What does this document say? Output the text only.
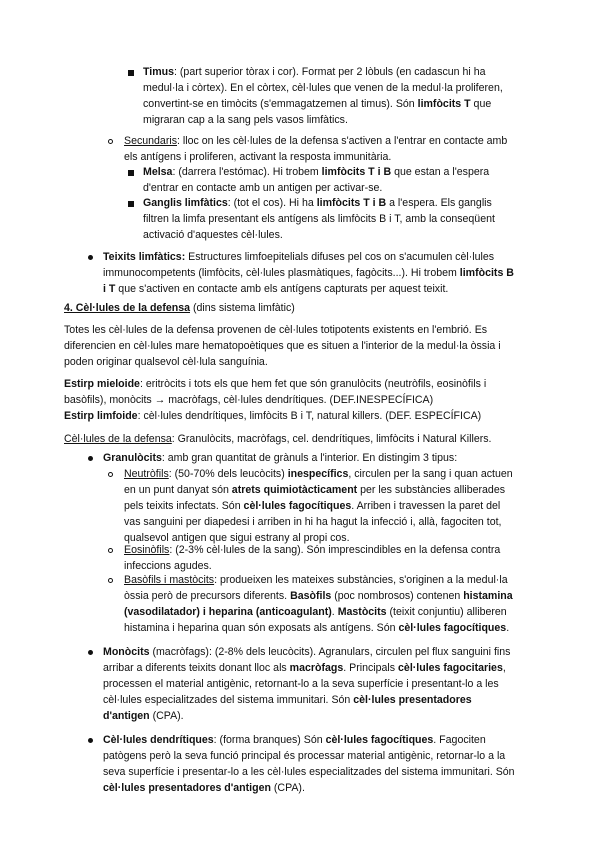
Timus: (part superior tòrax i cor). Format per 2 lòbuls (en cadascun hi ha

medul·la i còrtex). En el còrtex, cèl·lules que venen de la medul·la proliferen,

convertint-se en timòcits (s'emmagatzemen al timus). Són limfòcits T que

migraran cap a la sang pels vasos limfàtics.

Secundaris: lloc on les cèl·lules de la defensa s'activen a l'entrar en contacte amb

els antígens i proliferen, activant la resposta immunitària.

Melsa: (darrera l'estómac). Hi trobem limfòcits T i B que estan a l'espera

d'entrar en contacte amb un antigen per activar-se.

Ganglis limfàtics: (tot el cos). Hi ha limfòcits T i B a l'espera. Els ganglis

filtren la limfa presentant els antígens als limfòcits B i T, amb la conseqüent

activació d'aquestes cèl·lules.

Teixits limfàtics: Estructures limfoepitelials difuses pel cos on s'acumulen cèl·lules

immunocompetents (limfòcits, cèl·lules plasmàtiques, fagòcits...). Hi trobem limfòcits B

i T que s'activen en contacte amb els antígens capturats per aquest teixit.

4. Cèl·lules de la defensa (dins sistema limfàtic)

Totes les cèl·lules de la defensa provenen de cèl·lules totipotents existents en l'embrió. Es

diferencien en cèl·lules mare hematopoètiques que es situen a l'interior de la medul·la òssia i

poden originar qualsevol cèl·lula sanguínia.

Estirp mieloide: eritròcits i tots els que hem fet que són granulòcits (neutròfils, eosinòfils i

basòfils), monòcits → macròfags, cèl·lules dendrítiques. (DEF.INESPECÍFICA)

Estirp limfoide: cèl·lules dendrítiques, limfòcits B i T, natural killers. (DEF. ESPECÍFICA)

Cèl·lules de la defensa: Granulòcits, macròfags, cel. dendrítiques, limfòcits i Natural Killers.

Granulòcits: amb gran quantitat de grànuls a l'interior. En distingim 3 tipus:

Neutròfils: (50-70% dels leucòcits) inespecífics, circulen per la sang i quan actuen

en un punt danyat són atrets quimiotàcticament per les substàncies alliberades

pels teixits infectats. Són cèl·lules fagocítiques. Arriben i travessen la paret del

vas sanguini per diapedesi i arriben in hi ha hagut la infecció i, allà, fagociten tot,

qualsevol antigen que sigui estrany al propi cos.

Eosinòfils: (2-3% cèl·lules de la sang). Són imprescindibles en la defensa contra

infeccions agudes.

Basòfils i mastòcits: produeixen les mateixes substàncies, s'originen a la medul·la

òssia però de precursors diferents. Basòfils (poc nombrosos) contenen histamina

(vasodilatador) i heparina (anticoagulant). Mastòcits (teixit conjuntiu) alliberen

histamina i heparina quan són exposats als antígens. Són cèl·lules fagocítiques.

Monòcits (macròfags): (2-8% dels leucòcits). Agranulars, circulen pel flux sanguini fins

arribar a diferents teixits donant lloc als macròfags. Principals cèl·lules fagocitaries,

processen el material antigènic, retornant-lo a la seva superfície i presentant-lo a les

cèl·lules especialitzades del sistema immunitari. Són cèl·lules presentadores

d'antigen (CPA).

Cèl·lules dendrítiques: (forma branques) Són cèl·lules fagocítiques. Fagociten

patògens però la seva funció principal és processar material antigènic, retornar-lo a la

seva superfície i presentar-lo a les cèl·lules especialitzades del sistema immunitari. Són

cèl·lules presentadores d'antigen (CPA).
